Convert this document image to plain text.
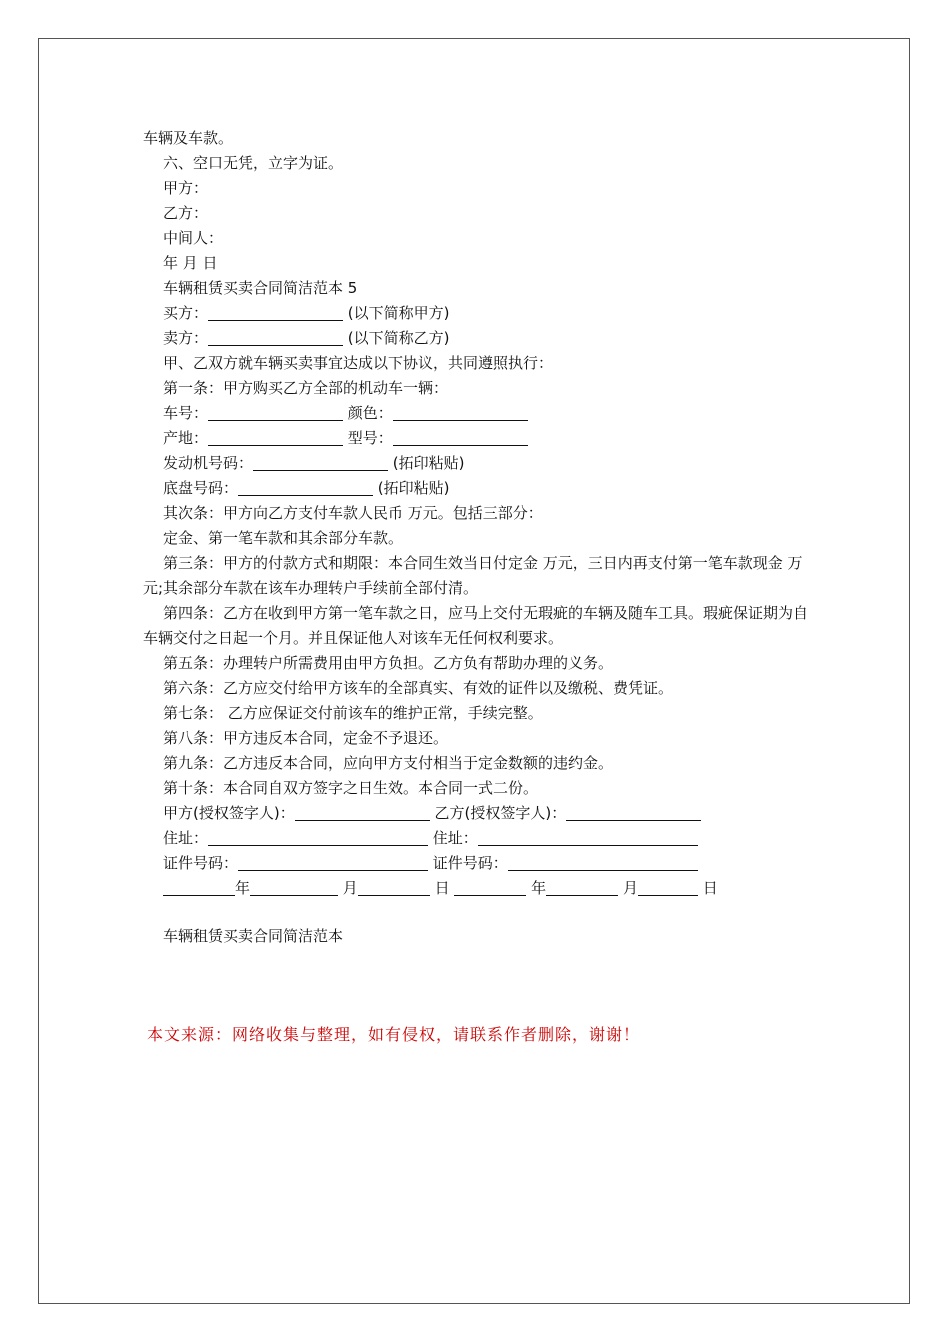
车辆及车款。
六、空口无凭，立字为证。
甲方：
乙方：
中间人：
年 月 日
车辆租赁买卖合同简洁范本 5
买方：	(以下简称甲方)
卖方：	(以下简称乙方)
甲、乙双方就车辆买卖事宜达成以下协议，共同遵照执行：
第一条：甲方购买乙方全部的机动车一辆：
车号：	颜色：
产地：	型号：
发动机号码：	(拓印粘贴)
底盘号码：	(拓印粘贴)
其次条：甲方向乙方支付车款人民币 万元。包括三部分：
定金、第一笔车款和其余部分车款。
第三条：甲方的付款方式和期限：本合同生效当日付定金 万元，三日内再支付第一笔车款现金 万元;其余部分车款在该车办理转户手续前全部付清。
第四条：乙方在收到甲方第一笔车款之日，应马上交付无瑕疵的车辆及随车工具。瑕疵保证期为自车辆交付之日起一个月。并且保证他人对该车无任何权利要求。
第五条：办理转户所需费用由甲方负担。乙方负有帮助办理的义务。
第六条：乙方应交付给甲方该车的全部真实、有效的证件以及缴税、费凭证。
第七条： 乙方应保证交付前该车的维护正常，手续完整。
第八条：甲方违反本合同，定金不予退还。
第九条：乙方违反本合同，应向甲方支付相当于定金数额的违约金。
第十条：本合同自双方签字之日生效。本合同一式二份。
甲方(授权签字人)：	乙方(授权签字人)：
住址：	住址：
证件号码：	证件号码：
年	月	日	年	月	日
车辆租赁买卖合同简洁范本
本文来源：网络收集与整理，如有侵权，请联系作者删除，谢谢！
